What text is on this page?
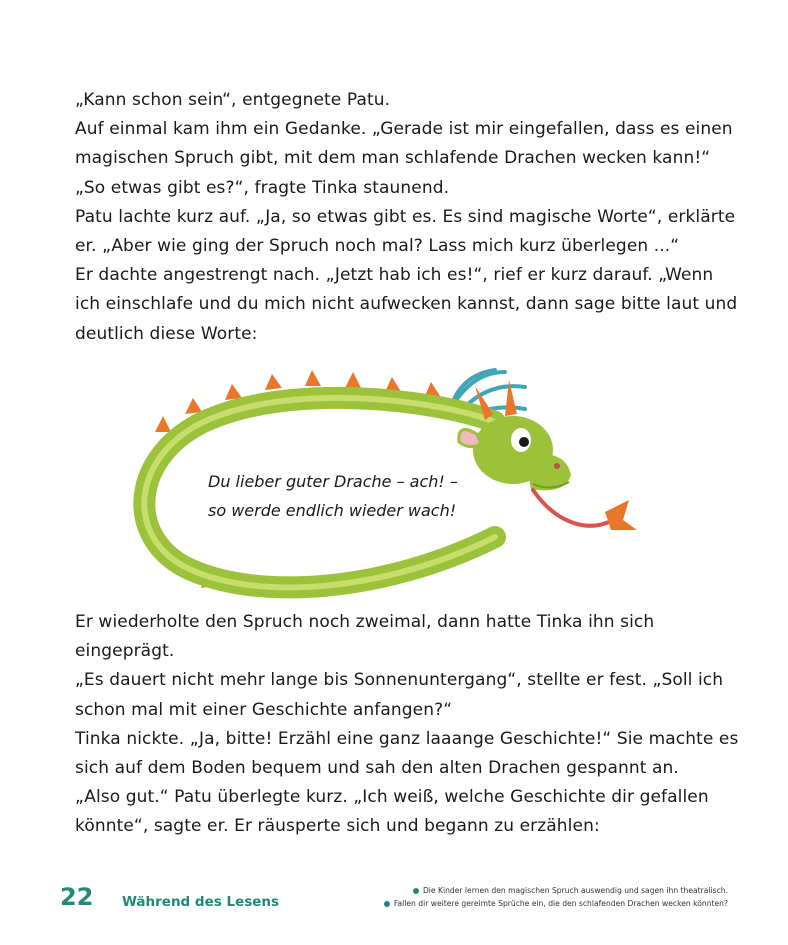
„Kann schon sein“, entgegnete Patu.

Auf einmal kam ihm ein Gedanke. „Gerade ist mir eingefallen, dass es einen

magischen Spruch gibt, mit dem man schlafende Drachen wecken kann!“

„So etwas gibt es?“, fragte Tinka staunend.

Patu lachte kurz auf. „Ja, so etwas gibt es. Es sind magische Worte“, erklärte

er. „Aber wie ging der Spruch noch mal? Lass mich kurz überlegen ...“

Er dachte angestrengt nach. „Jetzt hab ich es!“, rief er kurz darauf. „Wenn

ich einschlafe und du mich nicht aufwecken kannst, dann sage bitte laut und

deutlich diese Worte:

Du lieber guter Drache – ach! –
so werde endlich wieder wach!

Er wiederholte den Spruch noch zweimal, dann hatte Tinka ihn sich

eingeprägt.

„Es dauert nicht mehr lange bis Sonnenuntergang“, stellte er fest. „Soll ich

schon mal mit einer Geschichte anfangen?“

Tinka nickte. „Ja, bitte! Erzähl eine ganz laaange Geschichte!“ Sie machte es

sich auf dem Boden bequem und sah den alten Drachen gespannt an.

„Also gut.“ Patu überlegte kurz. „Ich weiß, welche Geschichte dir gefallen

könnte“, sagte er. Er räusperte sich und begann zu erzählen:

22 Während des Lesens
Die Kinder lernen den magischen Spruch auswendig und sagen ihn theatralisch.
Fallen dir weitere gereimte Sprüche ein, die den schlafenden Drachen wecken könnten?
